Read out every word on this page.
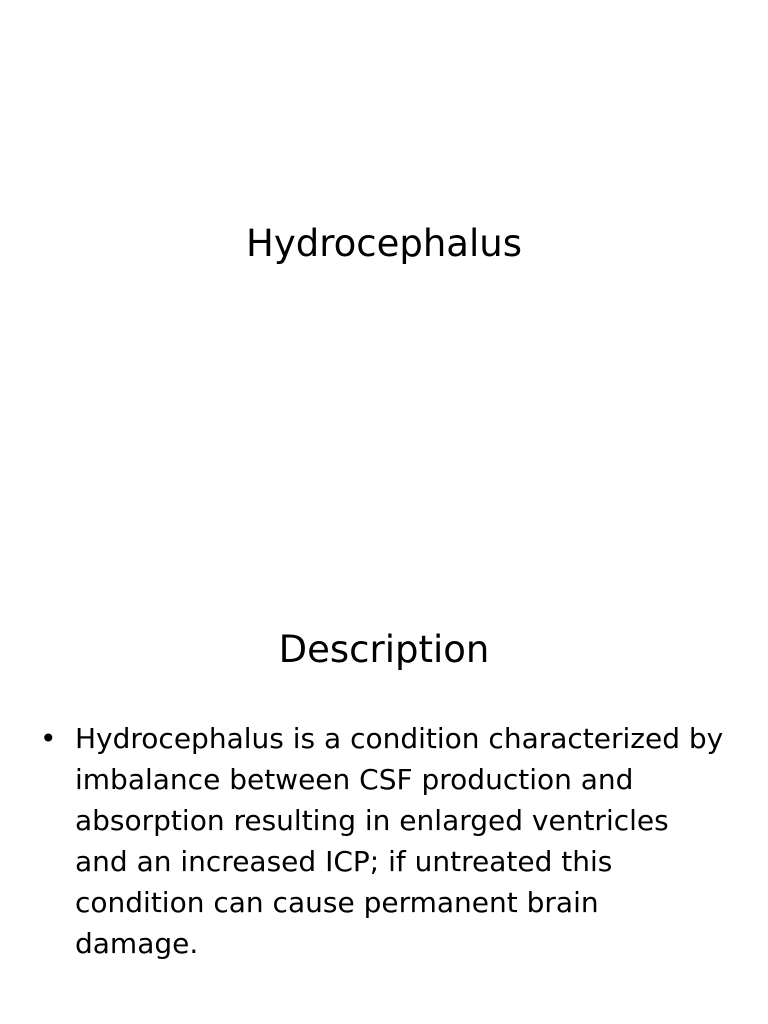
Hydrocephalus
Description
• Hydrocephalus is a condition characterized by imbalance between CSF production and absorption resulting in enlarged ventricles and an increased ICP; if untreated this condition can cause permanent brain damage.
